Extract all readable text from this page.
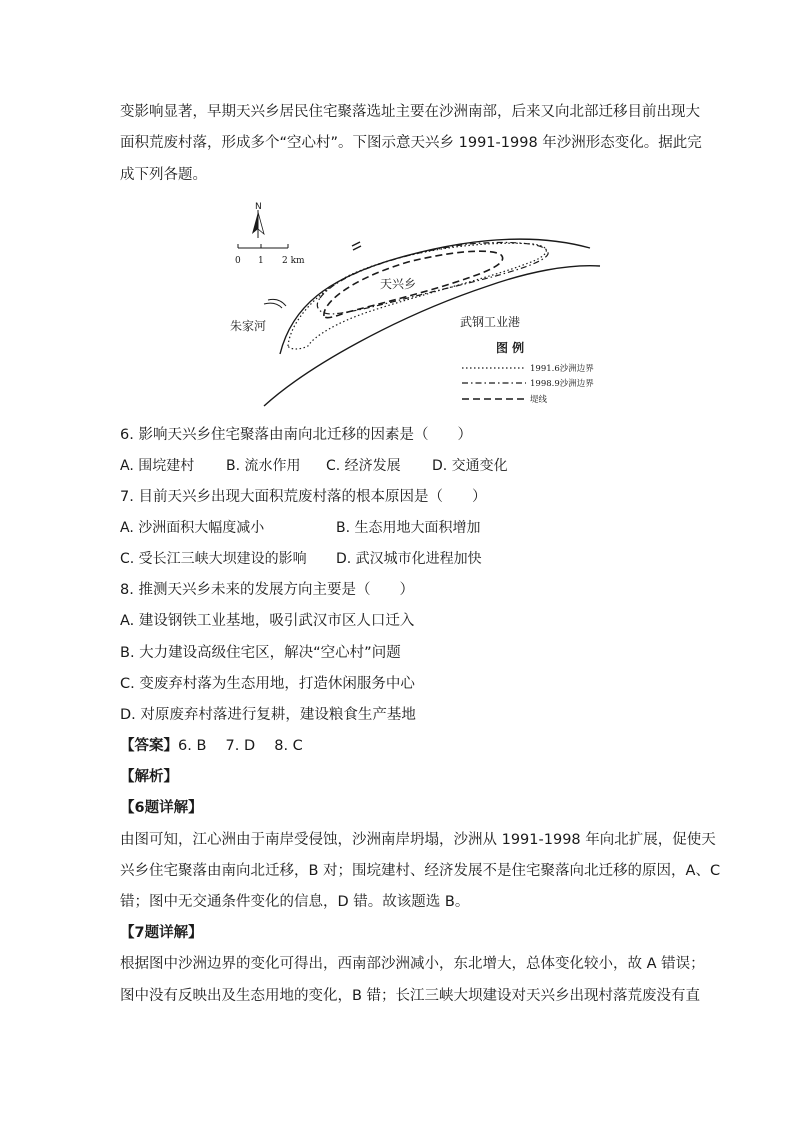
变影响显著，早期天兴乡居民住宅聚落选址主要在沙洲南部，后来又向北部迁移目前出现大
面积荒废村落，形成多个“空心村”。下图示意天兴乡 1991-1998 年沙洲形态变化。据此完
成下列各题。
N
0 1 2 km
天兴乡
朱家河	武钢工业港
图 例
1991.6沙洲边界
1998.9沙洲边界
堤线
6. 影响天兴乡住宅聚落由南向北迁移的因素是（　　）
A. 围垸建村 B. 流水作用 C. 经济发展 D. 交通变化
7. 目前天兴乡出现大面积荒废村落的根本原因是（　　）
A. 沙洲面积大幅度减小	B. 生态用地大面积增加
C. 受长江三峡大坝建设的影响 D. 武汉城市化进程加快
8. 推测天兴乡未来的发展方向主要是（　　）
A. 建设钢铁工业基地，吸引武汉市区人口迁入
B. 大力建设高级住宅区，解决“空心村”问题
C. 变废弃村落为生态用地，打造休闲服务中心
D. 对原废弃村落进行复耕，建设粮食生产基地
【答案】6. B　 7. D　 8. C
【解析】
【6题详解】
由图可知，江心洲由于南岸受侵蚀，沙洲南岸坍塌，沙洲从 1991-1998 年向北扩展，促使天
兴乡住宅聚落由南向北迁移，B 对；围垸建村、经济发展不是住宅聚落向北迁移的原因，A、C
错；图中无交通条件变化的信息，D 错。故该题选 B。
【7题详解】
根据图中沙洲边界的变化可得出，西南部沙洲减小，东北增大，总体变化较小，故 A 错误；
图中没有反映出及生态用地的变化，B 错；长江三峡大坝建设对天兴乡出现村落荒废没有直
